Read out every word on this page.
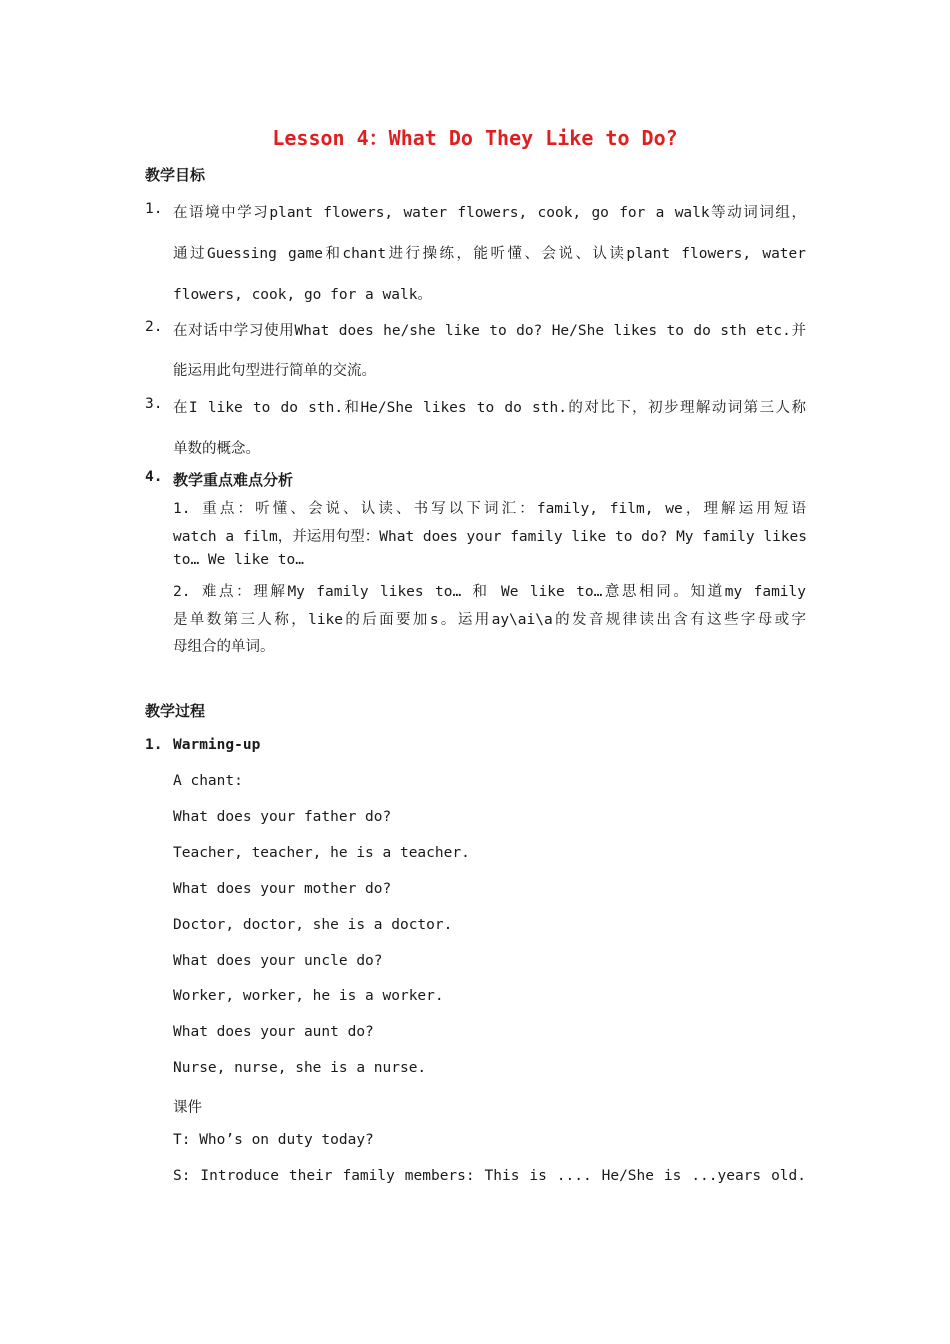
Lesson 4：What Do They Like to Do?
教学目标
1. 在语境中学习plant flowers, water flowers, cook, go for a walk等动词词组，
通过Guessing game和chant进行操练，能听懂、会说、认读plant flowers, water
flowers, cook, go for a walk。
2. 在对话中学习使用What does he/she like to do? He/She likes to do sth etc.并
能运用此句型进行简单的交流。
3. 在I like to do sth.和He/She likes to do sth.的对比下，初步理解动词第三人称
单数的概念。
4. 教学重点难点分析
1. 重点：听懂、会说、认读、书写以下词汇：family, film, we，理解运用短语
watch a film，并运用句型：What does your family like to do? My family likes
to… We like to…
2. 难点：理解My family likes to… 和 We like to…意思相同。知道my family
是单数第三人称，like的后面要加s。运用ay\ai\a的发音规律读出含有这些字母或字
母组合的单词。
教学过程
1. Warming-up
A chant:
What does your father do?
Teacher, teacher, he is a teacher.
What does your mother do?
Doctor, doctor, she is a doctor.
What does your uncle do?
Worker, worker, he is a worker.
What does your aunt do?
Nurse, nurse, she is a nurse.
课件
T: Who’s on duty today?
S: Introduce their family members: This is .... He/She is ...years old.
